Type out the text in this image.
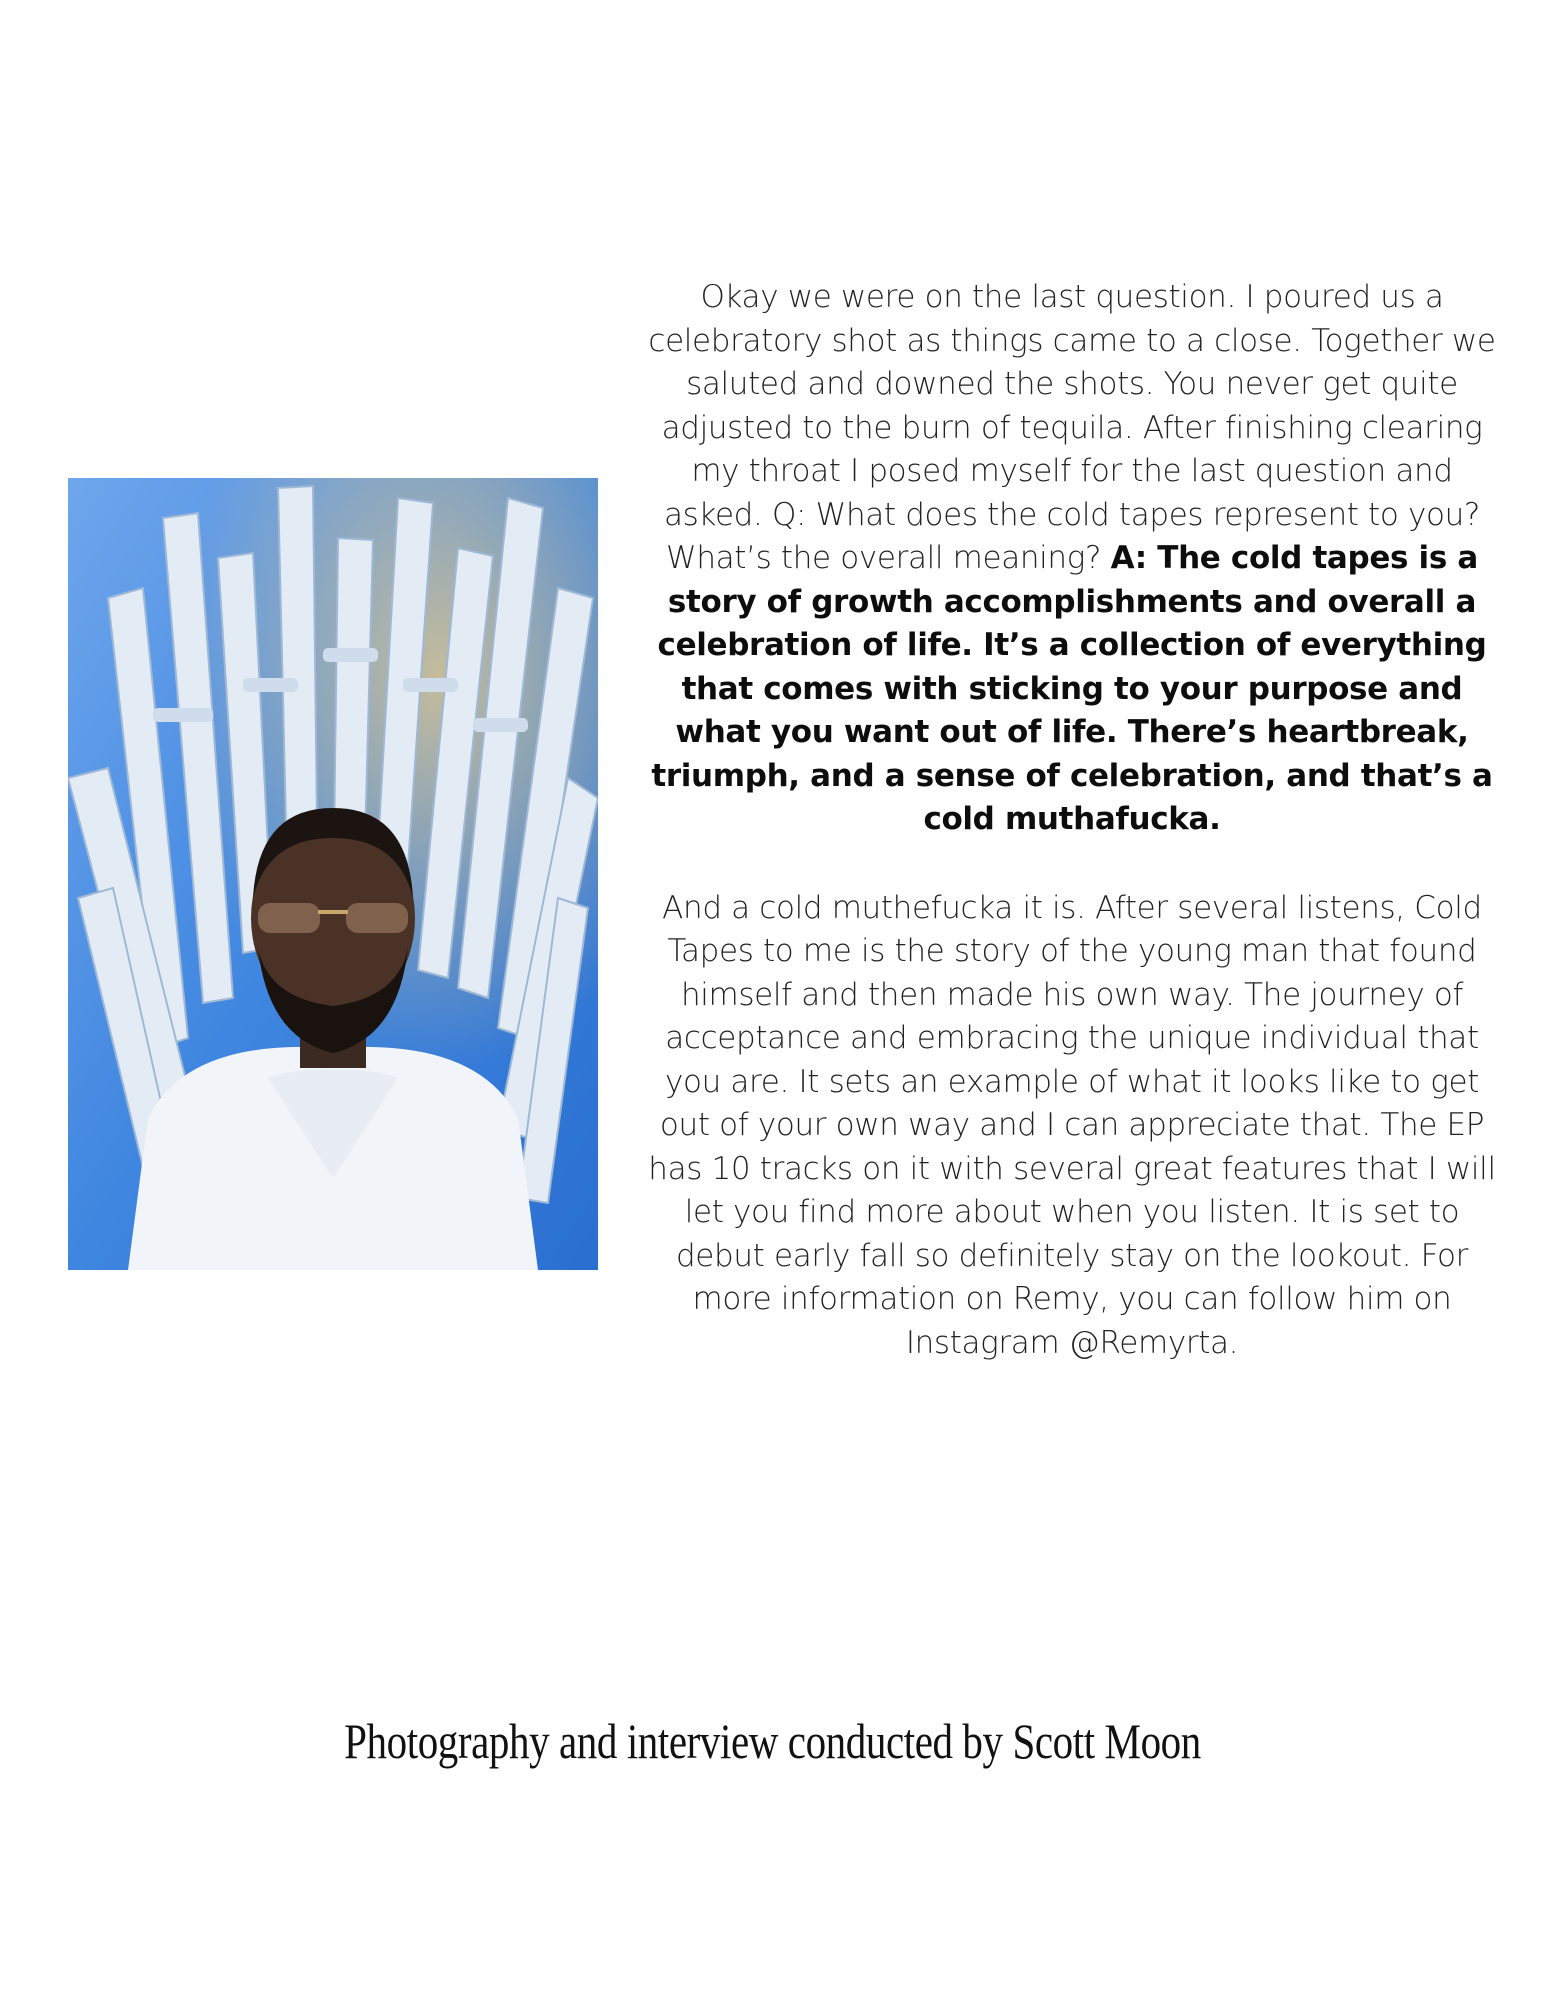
Okay we were on the last question. I poured us a celebratory shot as things came to a close. Together we saluted and downed the shots. You never get quite adjusted to the burn of tequila. After finishing clearing my throat I posed myself for the last question and asked. Q: What does the cold tapes represent to you? What’s the overall meaning? A: The cold tapes is a story of growth accomplishments and overall a celebration of life. It’s a collection of everything that comes with sticking to your purpose and what you want out of life. There’s heartbreak, triumph, and a sense of celebration, and that’s a cold muthafucka.

And a cold muthefucka it is. After several listens, Cold Tapes to me is the story of the young man that found himself and then made his own way. The journey of acceptance and embracing the unique individual that you are. It sets an example of what it looks like to get out of your own way and I can appreciate that. The EP has 10 tracks on it with several great features that I will let you find more about when you listen. It is set to debut early fall so definitely stay on the lookout. For more information on Remy, you can follow him on Instagram @Remyrta.

Photography and interview conducted by Scott Moon
